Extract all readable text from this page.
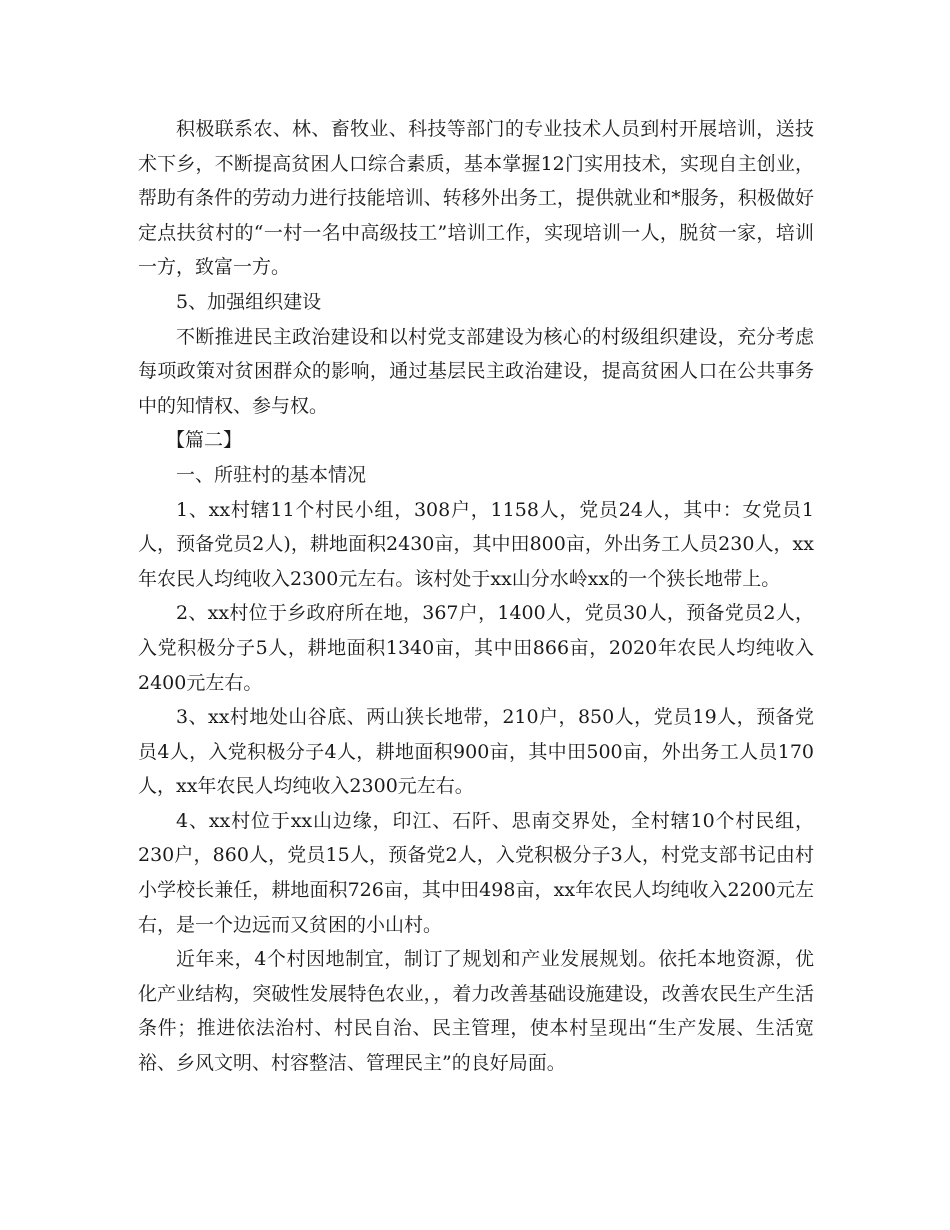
积极联系农、林、畜牧业、科技等部门的专业技术人员到村开展培训，送技术下乡，不断提高贫困人口综合素质，基本掌握12门实用技术，实现自主创业，帮助有条件的劳动力进行技能培训、转移外出务工，提供就业和*服务，积极做好定点扶贫村的“一村一名中高级技工”培训工作，实现培训一人，脱贫一家，培训一方，致富一方。

5、加强组织建设

不断推进民主政治建设和以村党支部建设为核心的村级组织建设，充分考虑每项政策对贫困群众的影响，通过基层民主政治建设，提高贫困人口在公共事务中的知情权、参与权。

【篇二】

一、所驻村的基本情况

1、xx村辖11个村民小组，308户，1158人，党员24人，其中：女党员1人，预备党员2人)，耕地面积2430亩，其中田800亩，外出务工人员230人，xx年农民人均纯收入2300元左右。该村处于xx山分水岭xx的一个狭长地带上。

2、xx村位于乡政府所在地，367户，1400人，党员30人，预备党员2人，入党积极分子5人，耕地面积1340亩，其中田866亩，2020年农民人均纯收入2400元左右。

3、xx村地处山谷底、两山狭长地带，210户，850人，党员19人，预备党员4人，入党积极分子4人，耕地面积900亩，其中田500亩，外出务工人员170人，xx年农民人均纯收入2300元左右。

4、xx村位于xx山边缘，印江、石阡、思南交界处，全村辖10个村民组，230户，860人，党员15人，预备党2人，入党积极分子3人，村党支部书记由村小学校长兼任，耕地面积726亩，其中田498亩，xx年农民人均纯收入2200元左右，是一个边远而又贫困的小山村。

近年来，4个村因地制宜，制订了规划和产业发展规划。依托本地资源，优化产业结构，突破性发展特色农业，，着力改善基础设施建设，改善农民生产生活条件；推进依法治村、村民自治、民主管理，使本村呈现出“生产发展、生活宽裕、乡风文明、村容整洁、管理民主”的良好局面。
